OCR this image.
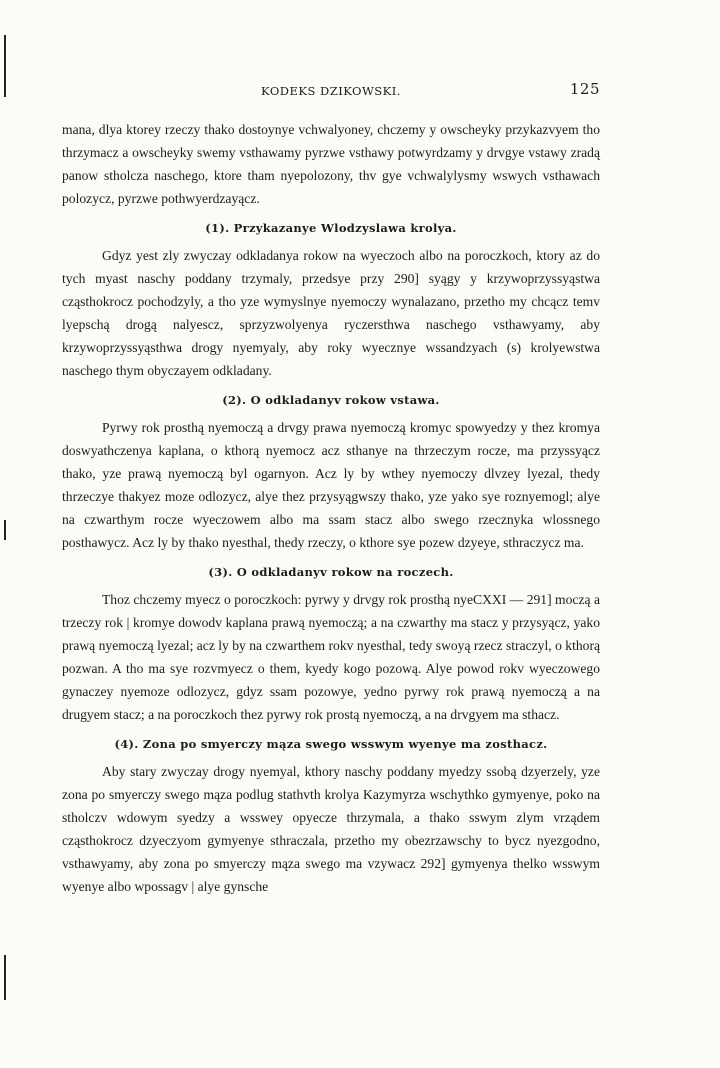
KODEKS DZIKOWSKI.	125

mana, dlya ktorey rzeczy thako dostoynye vchwalyoney, chczemy y owscheyky przykazvyem tho thrzymacz a owscheyky swemy vsthawamy pyrzwe vsthawy potwyrdzamy y drvgye vstawy zradą panow stholcza naschego, ktore tham nyepolozony, thv gye vchwalylysmy wswych vsthawach polozycz, pyrzwe pothwyerdzayącz.

(1). Przykazanye Wlodzyslawa krolya.

Gdyz yest zly zwyczay odkladanya rokow na wyeczoch albo na poroczkoch, ktory az do tych myast naschy poddany trzymaly, przedsye przy 290] syągy y krzywoprzyssyąstwa cząsthokrocz pochodzyly, a tho yze wymyslnye nyemoczy wynalazano, przetho my chcącz temv lyepschą drogą nalyescz, sprzyzwolyenya ryczersthwa naschego vsthawyamy, aby krzywoprzyssyąsthwa drogy nyemyaly, aby roky wyecznye wssandzyach (s) krolyewstwa naschego thym obyczayem odkladany.

(2). O odkladanyv rokow vstawa.

Pyrwy rok prosthą nyemoczą a drvgy prawa nyemoczą kromyc spowyedzy y thez kromya doswyathczenya kaplana, o kthorą nyemocz acz sthanye na thrzeczym rocze, ma przyssyącz thako, yze prawą nyemoczą byl ogarnyon. Acz ly by wthey nyemoczy dlvzey lyezal, thedy thrzeczye thakyez moze odlozycz, alye thez przysyągwszy thako, yze yako sye roznyemogl; alye na czwarthym rocze wyeczowem albo ma ssam stacz albo swego rzecznyka wlossnego posthawycz. Acz ly by thako nyesthal, thedy rzeczy, o kthore sye pozew dzyeye, sthraczycz ma.

(3). O odkladanyv rokow na roczech.

Thoz chczemy myecz o poroczkoch: pyrwy y drvgy rok prosthą nyeCXXI — 291] moczą a trzeczy rok | kromye dowodv kaplana prawą nyemoczą; a na czwarthy ma stacz y przysyącz, yako prawą nyemoczą lyezal; acz ly by na czwarthem rokv nyesthal, tedy swoyą rzecz straczyl, o kthorą pozwan. A tho ma sye rozvmyecz o them, kyedy kogo pozową. Alye powod rokv wyeczowego gynaczey nyemoze odlozycz, gdyz ssam pozowye, yedno pyrwy rok prawą nyemoczą a na drugyem stacz; a na poroczkoch thez pyrwy rok prostą nyemoczą, a na drvgyem ma sthacz.

(4). Zona po smyerczy mąza swego wsswym wyenye ma zosthacz.

Aby stary zwyczay drogy nyemyal, kthory naschy poddany myedzy ssobą dzyerzely, yze zona po smyerczy swego mąza podlug stathvth krolya Kazymyrza wschythko gymyenye, poko na stholczv wdowym syedzy a wsswey opyecze thrzymala, a thako sswym zlym vrządem cząsthokrocz dzyeczyom gymyenye sthraczala, przetho my obezrzawschy to bycz nyezgodno, vsthawyamy, aby zona po smyerczy mąza swego ma vzywacz 292] gymyenya thelko wsswym wyenye albo wpossagv | alye gynsche
